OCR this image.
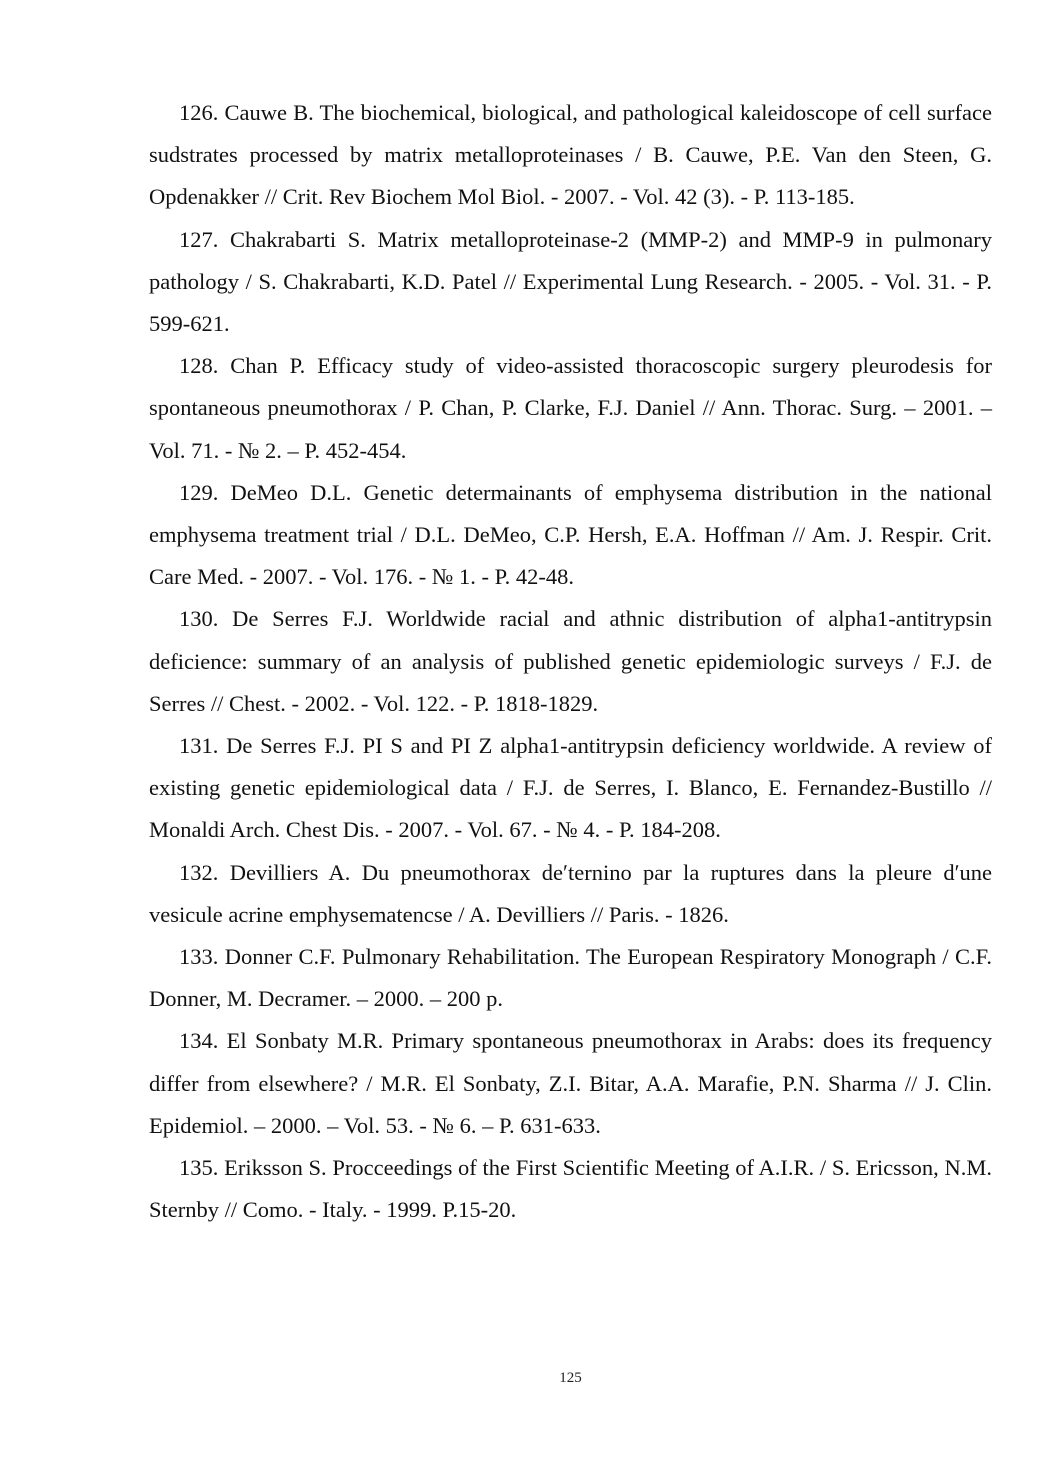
126. Cauwe B. The biochemical, biological, and pathological kaleidoscope of cell surface sudstrates processed by matrix metalloproteinases / B. Cauwe, P.E. Van den Steen, G. Opdenakker // Crit. Rev Biochem Mol Biol. - 2007. - Vol. 42 (3). - P. 113-185.

127. Chakrabarti S. Matrix metalloproteinase-2 (MMP-2) and MMP-9 in pulmonary pathology / S. Chakrabarti, K.D. Patel // Experimental Lung Research. - 2005. - Vol. 31. - P. 599-621.

128. Chan P. Efficacy study of video-assisted thoracoscopic surgery pleurodesis for spontaneous pneumothorax / P. Chan, P. Clarke, F.J. Daniel // Ann. Thorac. Surg. – 2001. – Vol. 71. - № 2. – P. 452-454.

129. DeMeo D.L. Genetic determainants of emphysema distribution in the national emphysema treatment trial / D.L. DeMeo, C.P. Hersh, E.A. Hoffman // Am. J. Respir. Crit. Care Med. - 2007. - Vol. 176. - № 1. - P. 42-48.

130. De Serres F.J. Worldwide racial and athnic distribution of alpha1-antitrypsin deficience: summary of an analysis of published genetic epidemiologic surveys / F.J. de Serres // Chest. - 2002. - Vol. 122. - P. 1818-1829.

131. De Serres F.J. PI S and PI Z alpha1-antitrypsin deficiency worldwide. A review of existing genetic epidemiological data / F.J. de Serres, I. Blanco, E. Fernandez-Bustillo // Monaldi Arch. Chest Dis. - 2007. - Vol. 67. - № 4. - P. 184-208.

132. Devilliers A. Du pneumothorax deʹternino par la ruptures dans la pleure dʹune vesicule acrine emphysematencse / A. Devilliers // Paris. - 1826.

133. Donner C.F. Pulmonary Rehabilitation. The European Respiratory Monograph / C.F. Donner, M. Decramer. – 2000. – 200 p.

134. El Sonbaty M.R. Primary spontaneous pneumothorax in Arabs: does its frequency differ from elsewhere? / M.R. El Sonbaty, Z.I. Bitar, A.A. Marafie, P.N. Sharma // J. Clin. Epidemiol. – 2000. – Vol. 53. - № 6. – P. 631-633.

135. Eriksson S. Procceedings of the First Scientific Meeting of A.I.R. / S. Ericsson, N.M. Sternby // Como. - Italy. - 1999. P.15-20.

125
